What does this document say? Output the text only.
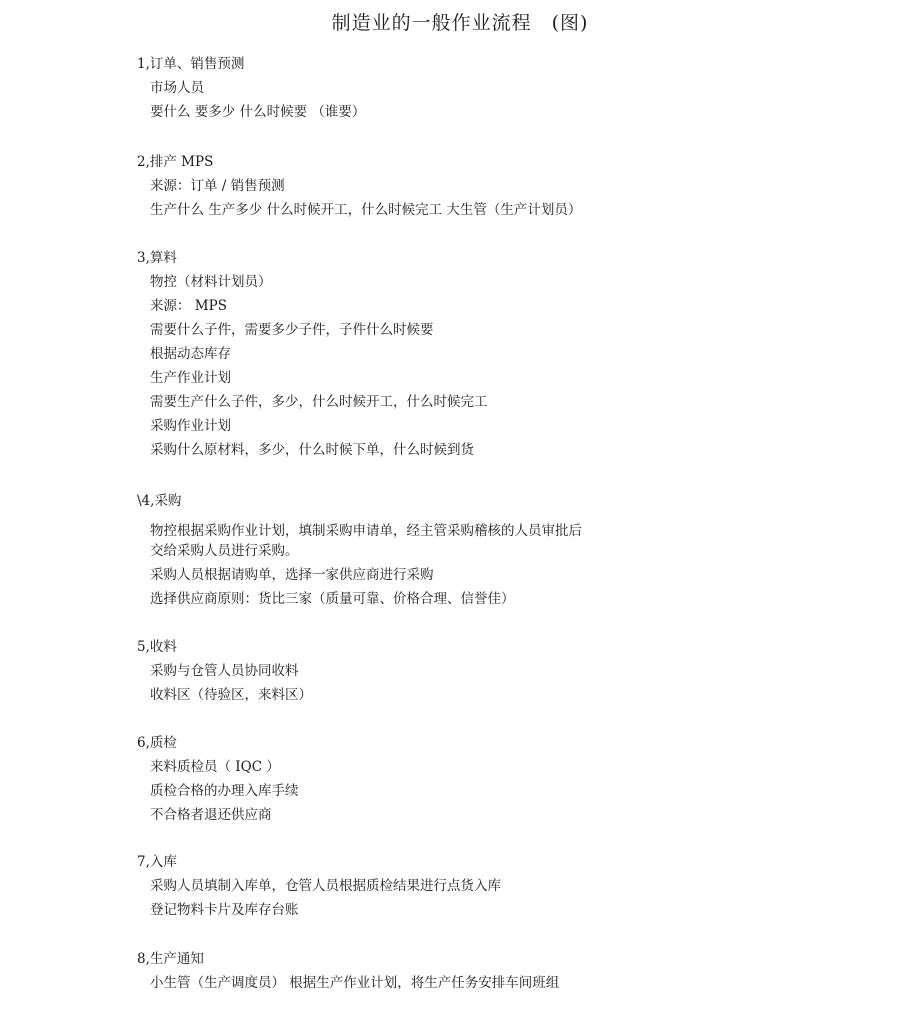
制造业的一般作业流程　(图)
1,订单、销售预测
市场人员
要什么 要多少 什么时候要 （谁要）
2,排产 MPS
来源：订单 / 销售预测
生产什么 生产多少 什么时候开工，什么时候完工 大生管（生产计划员）
3,算料
物控（材料计划员）
来源： MPS
需要什么子件，需要多少子件，子件什么时候要
根据动态库存
生产作业计划
需要生产什么子件，多少，什么时候开工，什么时候完工
采购作业计划
采购什么原材料，多少，什么时候下单，什么时候到货
\4,采购
物控根据采购作业计划，填制采购申请单，经主管采购稽核的人员审批后
交给采购人员进行采购。
采购人员根据请购单，选择一家供应商进行采购
选择供应商原则：货比三家（质量可靠、价格合理、信誉佳）
5,收料
采购与仓管人员协同收料
收料区（待验区，来料区）
6,质检
来料质检员（ IQC ）
质检合格的办理入库手续
不合格者退还供应商
7,入库
采购人员填制入库单，仓管人员根据质检结果进行点货入库
登记物料卡片及库存台账
8,生产通知
小生管（生产调度员） 根据生产作业计划，将生产任务安排车间班组
